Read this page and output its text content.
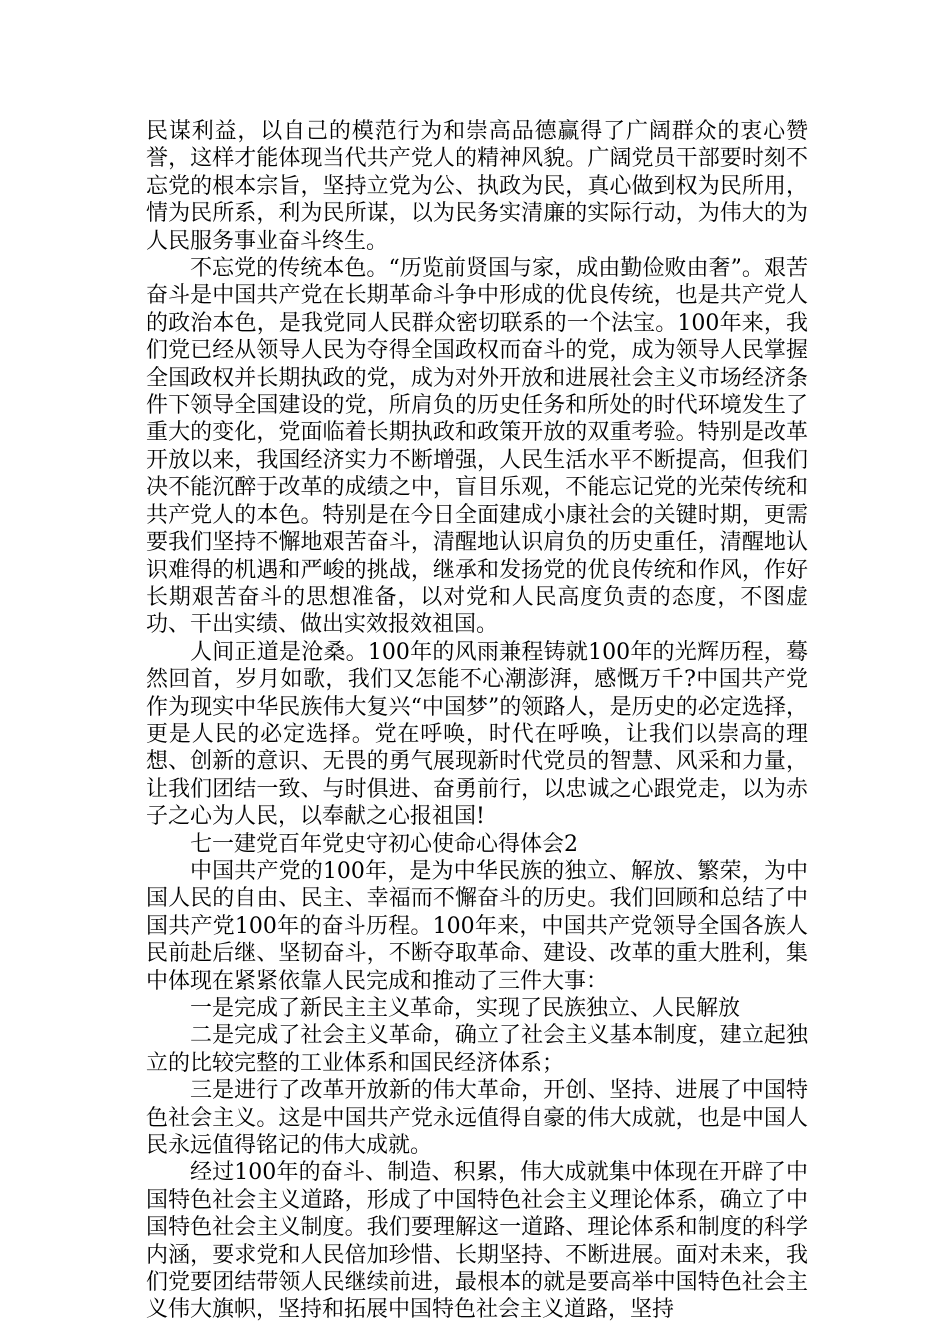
民谋利益，以自己的模范行为和崇高品德赢得了广阔群众的衷心赞誉，这样才能体现当代共产党人的精神风貌。广阔党员干部要时刻不忘党的根本宗旨，坚持立党为公、执政为民，真心做到权为民所用，情为民所系，利为民所谋，以为民务实清廉的实际行动，为伟大的为人民服务事业奋斗终生。

不忘党的传统本色。“历览前贤国与家，成由勤俭败由奢”。艰苦奋斗是中国共产党在长期革命斗争中形成的优良传统，也是共产党人的政治本色，是我党同人民群众密切联系的一个法宝。100年来，我们党已经从领导人民为夺得全国政权而奋斗的党，成为领导人民掌握全国政权并长期执政的党，成为对外开放和进展社会主义市场经济条件下领导全国建设的党，所肩负的历史任务和所处的时代环境发生了重大的变化，党面临着长期执政和政策开放的双重考验。特别是改革开放以来，我国经济实力不断增强，人民生活水平不断提高，但我们决不能沉醉于改革的成绩之中，盲目乐观，不能忘记党的光荣传统和共产党人的本色。特别是在今日全面建成小康社会的关键时期，更需要我们坚持不懈地艰苦奋斗，清醒地认识肩负的历史重任，清醒地认识难得的机遇和严峻的挑战，继承和发扬党的优良传统和作风，作好长期艰苦奋斗的思想准备，以对党和人民高度负责的态度，不图虚功、干出实绩、做出实效报效祖国。

人间正道是沧桑。100年的风雨兼程铸就100年的光辉历程，蓦然回首，岁月如歌，我们又怎能不心潮澎湃，感慨万千?中国共产党作为现实中华民族伟大复兴“中国梦”的领路人，是历史的必定选择，更是人民的必定选择。党在呼唤，时代在呼唤，让我们以崇高的理想、创新的意识、无畏的勇气展现新时代党员的智慧、风采和力量，让我们团结一致、与时俱进、奋勇前行，以忠诚之心跟党走，以为赤子之心为人民，以奉献之心报祖国!

七一建党百年党史守初心使命心得体会2

中国共产党的100年，是为中华民族的独立、解放、繁荣，为中国人民的自由、民主、幸福而不懈奋斗的历史。我们回顾和总结了中国共产党100年的奋斗历程。100年来，中国共产党领导全国各族人民前赴后继、坚韧奋斗，不断夺取革命、建设、改革的重大胜利，集中体现在紧紧依靠人民完成和推动了三件大事：

一是完成了新民主主义革命，实现了民族独立、人民解放

二是完成了社会主义革命，确立了社会主义基本制度，建立起独立的比较完整的工业体系和国民经济体系；

三是进行了改革开放新的伟大革命，开创、坚持、进展了中国特色社会主义。这是中国共产党永远值得自豪的伟大成就，也是中国人民永远值得铭记的伟大成就。

经过100年的奋斗、制造、积累，伟大成就集中体现在开辟了中国特色社会主义道路，形成了中国特色社会主义理论体系，确立了中国特色社会主义制度。我们要理解这一道路、理论体系和制度的科学内涵，要求党和人民倍加珍惜、长期坚持、不断进展。面对未来，我们党要团结带领人民继续前进，最根本的就是要高举中国特色社会主义伟大旗帜，坚持和拓展中国特色社会主义道路，坚持
